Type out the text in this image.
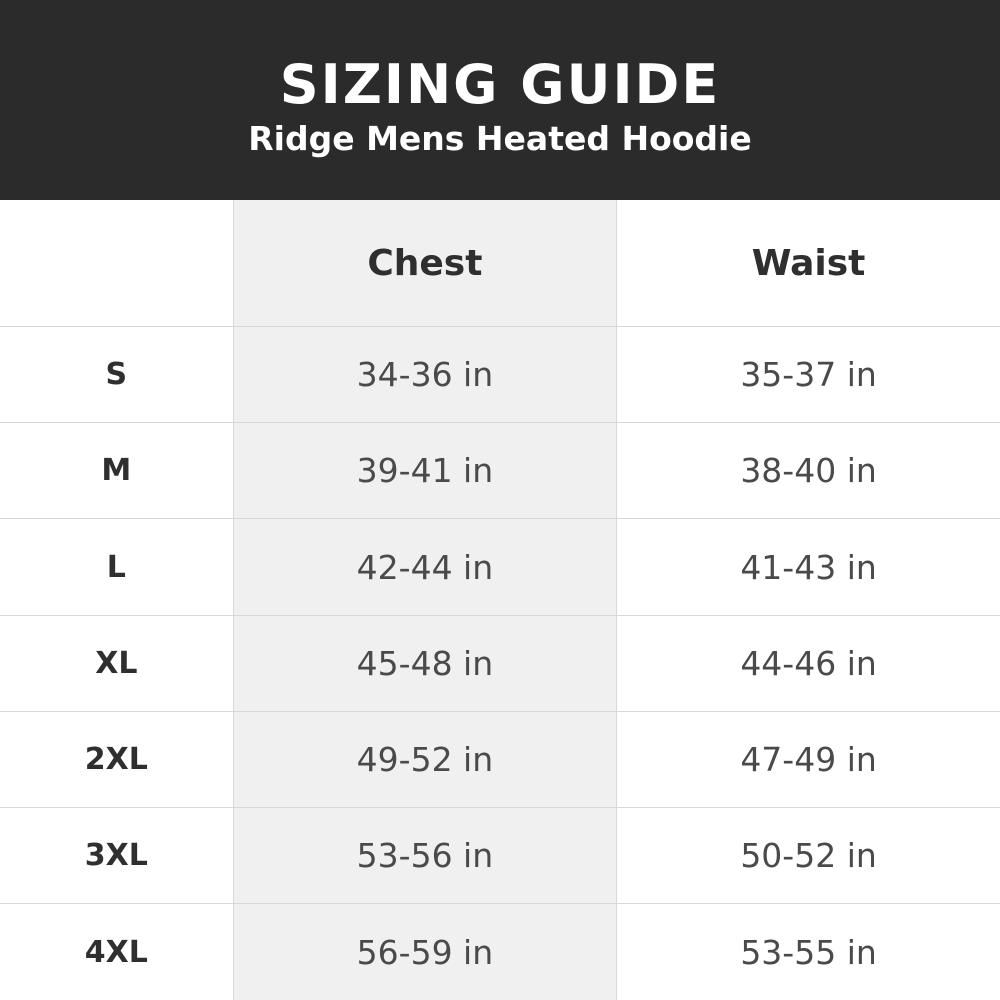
SIZING GUIDE
Ridge Mens Heated Hoodie
	Chest	Waist
S	34-36 in	35-37 in
M	39-41 in	38-40 in
L	42-44 in	41-43 in
XL	45-48 in	44-46 in
2XL	49-52 in	47-49 in
3XL	53-56 in	50-52 in
4XL	56-59 in	53-55 in
